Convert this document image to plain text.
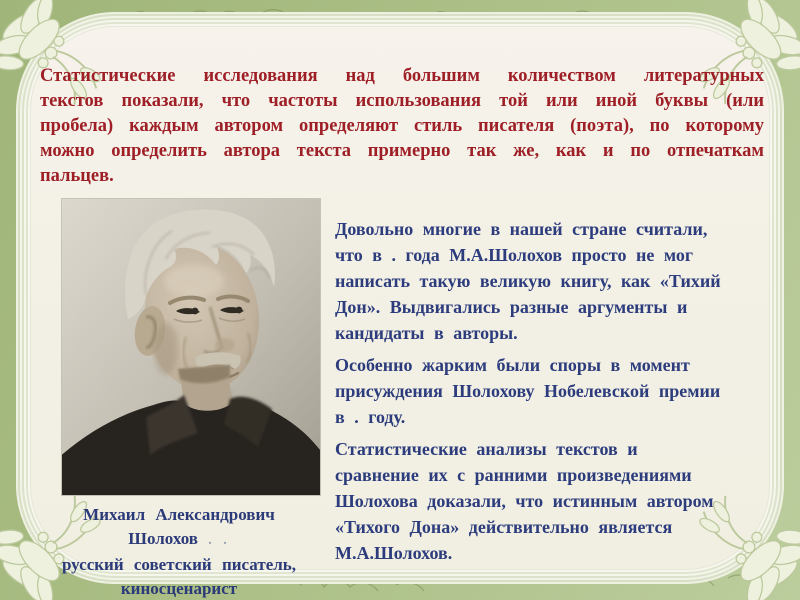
Статистические исследования над большим количеством литературных
текстов показали, что частоты использования той или иной буквы (или
пробела) каждым автором определяют стиль писателя (поэта), по которому
можно определить автора текста примерно так же, как и по отпечаткам
пальцев.
Михаил Александрович
Шолохов . .
русский советский писатель,
киносценарист
Довольно многие в нашей стране считали,
что в . года М.А.Шолохов просто не мог
написать такую великую книгу, как «Тихий
Дон». Выдвигались разные аргументы и
кандидаты в авторы.
Особенно жарким были споры в момент
присуждения Шолохову Нобелевской премии
в . году.
Статистические анализы текстов и
сравнение их с ранними произведениями
Шолохова доказали, что истинным автором
«Тихого Дона» действительно является
М.А.Шолохов.
